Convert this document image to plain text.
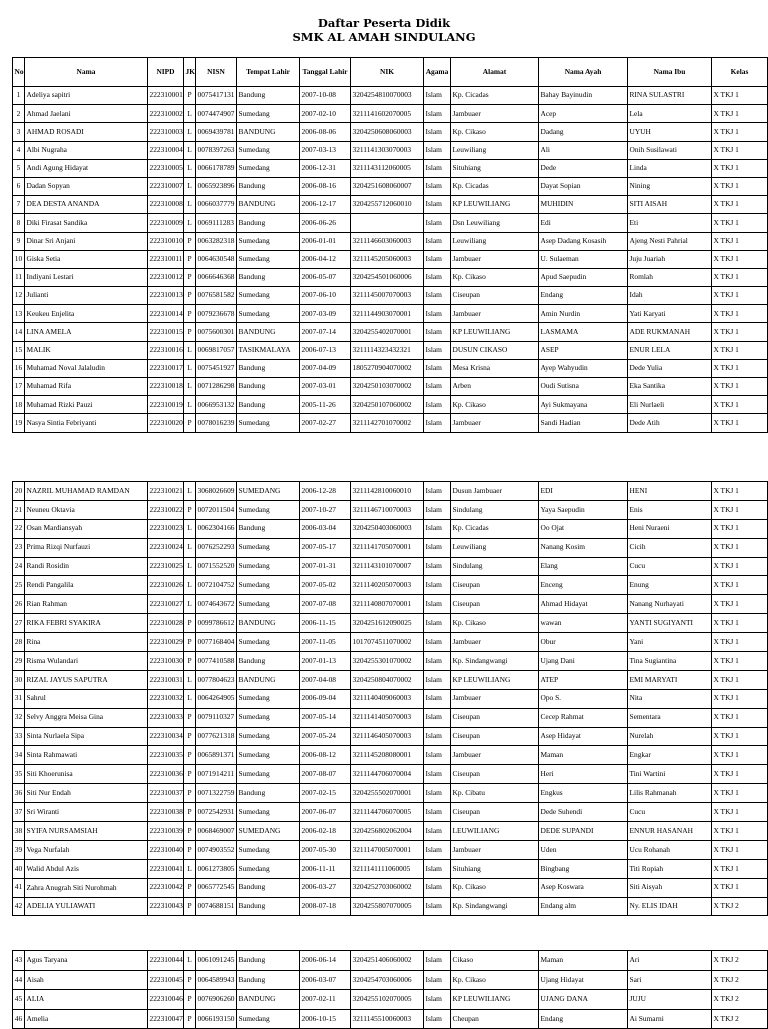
Daftar Peserta Didik
SMK AL AMAH SINDULANG
No	Nama	NIPD	JK	NISN	Tempat Lahir	Tanggal Lahir	NIK	Agama	Alamat	Nama Ayah	Nama Ibu	Kelas
1	Adeliya sapitri	222310001	P	0075417131	Bandung	2007-10-08	3204254810070003	Islam	Kp. Cicadas	Bahay Bayinudin	RINA SULASTRI	X TKJ 1
2	Ahmad Jaelani	222310002	L	0074474907	Sumedang	2007-02-10	3211141602070005	Islam	Jambuaer	Acep	Lela	X TKJ 1
3	AHMAD ROSADI	222310003	L	0069439781	BANDUNG	2006-08-06	3204250608060003	Islam	Kp. Cikaso	Dadang	UYUH	X TKJ 1
4	Albi Nugraha	222310004	L	0078397263	Sumedang	2007-03-13	3211141303070003	Islam	Leuwiliang	Ali	Onih Susilawati	X TKJ 1
5	Andi Agung Hidayat	222310005	L	0066178789	Sumedang	2006-12-31	3211143112060005	Islam	Situhiang	Dede	Linda	X TKJ 1
6	Dadan Sopyan	222310007	L	0065923896	Bandung	2006-08-16	3204251608060007	Islam	Kp. Cicadas	Dayat Sopian	Nining	X TKJ 1
7	DEA DESTA ANANDA	222310008	L	0066037779	BANDUNG	2006-12-17	3204255712060010	Islam	KP LEUWILIANG	MUHIDIN	SITI AISAH	X TKJ 1
8	Diki Firasat Sandika	222310009	L	0069111283	Bandung	2006-06-26		Islam	Dsn Leuwiliang	Edi	Eti	X TKJ 1
9	Dinar Sri Anjani	222310010	P	0063282318	Sumedang	2006-01-01	3211146603060003	Islam	Leuwiliang	Asep Dadang Kosasih	Ajeng Nesti Pahrial	X TKJ 1
10	Giska Setia	222310011	P	0064630548	Sumedang	2006-04-12	3211145205060003	Islam	Jambuaer	U. Sulaeman	Juju Juariah	X TKJ 1
11	Indiyani Lestari	222310012	P	0066646368	Bandung	2006-05-07	3204254501060006	Islam	Kp. Cikaso	Apud Saepudin	Romlah	X TKJ 1
12	Julianti	222310013	P	0076581582	Sumedang	2007-06-10	3211145007070003	Islam	Ciseupan	Endang	Idah	X TKJ 1
13	Keukeu Enjelita	222310014	P	0079236678	Sumedang	2007-03-09	3211144903070001	Islam	Jambuaer	Amin Nurdin	Yati Karyati	X TKJ 1
14	LINA AMELA	222310015	P	0075600301	BANDUNG	2007-07-14	3204255402070001	Islam	KP LEUWILIANG	LASMAMA	ADE RUKMANAH	X TKJ 1
15	MALIK	222310016	L	0069817057	TASIKMALAYA	2006-07-13	3211114323432321	Islam	DUSUN CIKASO	ASEP	ENUR LELA	X TKJ 1
16	Muhamad Noval Jalaludin	222310017	L	0075451927	Bandung	2007-04-09	1805270904070002	Islam	Mesa Krisna	Ayep Wahyudin	Dede Yulia	X TKJ 1
17	Muhamad Rifa	222310018	L	0071286298	Bandung	2007-03-01	3204250103070002	Islam	Arben	Oudi Sutisna	Eka Santika	X TKJ 1
18	Muhamad Rizki Pauzi	222310019	L	0066953132	Bandung	2005-11-26	3204250107060002	Islam	Kp. Cikaso	Ayi Sukmayana	Eli Nurlaeli	X TKJ 1
19	Nasya Sintia Febriyanti	222310020	P	0078016239	Sumedang	2007-02-27	3211142701070002	Islam	Jambuaer	Sandi Hadian	Dede Atih	X TKJ 1
20	NAZRIL MUHAMAD RAMDAN	222310021	L	3068026609	SUMEDANG	2006-12-28	3211142810060010	Islam	Dusun Jambuaer	EDI	HENI	X TKJ 1
21	Neuneu Oktavia	222310022	P	0072011504	Sumedang	2007-10-27	3211146710070003	Islam	Sindulang	Yaya Saepudin	Enis	X TKJ 1
22	Osan Mardiansyah	222310023	L	0062304166	Bandung	2006-03-04	3204250403060003	Islam	Kp. Cicadas	Oo Ojat	Heni Nuraeni	X TKJ 1
23	Prima Rizqi Nurfauzi	222310024	L	0076252293	Sumedang	2007-05-17	3211141705070001	Islam	Leuwiliang	Nanang Kosim	Cicih	X TKJ 1
24	Randi Rosidin	222310025	L	0071552520	Sumedang	2007-01-31	3211143101070007	Islam	Sindulang	Elang	Cucu	X TKJ 1
25	Rendi Pangalila	222310026	L	0072104752	Sumedang	2007-05-02	3211140205070003	Islam	Ciseupan	Enceng	Enung	X TKJ 1
26	Rian Rahman	222310027	L	0074643672	Sumedang	2007-07-08	3211140807070001	Islam	Ciseupan	Ahmad Hidayat	Nanang Nurhayati	X TKJ 1
27	RIKA FEBRI SYAKIRA	222310028	P	0099786612	BANDUNG	2006-11-15	3204251612090025	Islam	Kp. Cikaso	wawan	YANTI SUGIYANTI	X TKJ 1
28	Rina	222310029	P	0077168404	Sumedang	2007-11-05	1017074511070002	Islam	Jambuaer	Obur	Yani	X TKJ 1
29	Risma Wulandari	222310030	P	0077410588	Bandung	2007-01-13	3204255301070002	Islam	Kp. Sindangwangi	Ujang Dani	Tina Sugiantina	X TKJ 1
30	RIZAL JAYUS SAPUTRA	222310031	L	0077804623	BANDUNG	2007-04-08	3204250804070002	Islam	KP LEUWILIANG	ATEP	EMI MARYATI	X TKJ 1
31	Sahrul	222310032	L	0064264905	Sumedang	2006-09-04	3211140409060003	Islam	Jambuaer	Opo S.	Nita	X TKJ 1
32	Selvy Anggra Meisa Gina	222310033	P	0079110327	Sumedang	2007-05-14	3211141405070003	Islam	Ciseupan	Cecep Rahmat	Sementara	X TKJ 1
33	Sinta Nurlaela Sipa	222310034	P	0077621318	Sumedang	2007-05-24	3211146405070003	Islam	Ciseupan	Asep Hidayat	Nurelah	X TKJ 1
34	Sinta Rahmawati	222310035	P	0065891371	Sumedang	2006-08-12	3211145208080001	Islam	Jambuaer	Maman	Engkar	X TKJ 1
35	Siti Khoerunisa	222310036	P	0071914211	Sumedang	2007-08-07	3211144706070004	Islam	Ciseupan	Heri	Tini Wartini	X TKJ 1
36	Siti Nur Endah	222310037	P	0071322759	Bandung	2007-02-15	3204255502070001	Islam	Kp. Cibatu	Engkus	Lilis Rahmanah	X TKJ 1
37	Sri Wiranti	222310038	P	0072542931	Sumedang	2007-06-07	3211144706070005	Islam	Ciseupan	Dede Suhendi	Cucu	X TKJ 1
38	SYIFA NURSAMSIAH	222310039	P	0068469007	SUMEDANG	2006-02-18	3204256802062004	Islam	LEUWILIANG	DEDE SUPANDI	ENNUR HASANAH	X TKJ 1
39	Vega Nurfalah	222310040	P	0074903552	Sumedang	2007-05-30	3211147005070001	Islam	Jambuaer	Uden	Ucu Rohanah	X TKJ 1
40	Walid Abdul Azis	222310041	L	0061273805	Sumedang	2006-11-11	3211141111060005	Islam	Situhiang	Bingbang	Titi Ropiah	X TKJ 1
41	Zahra Anugrah Siti Nurohmah	222310042	P	0065772545	Bandung	2006-03-27	3204252703060002	Islam	Kp. Cikaso	Asep Koswara	Siti Aisyah	X TKJ 1
42	ADELIA YULIAWATI	222310043	P	0074688151	Bandung	2008-07-18	3204255807070005	Islam	Kp. Sindangwangi	Endang alm	Ny. ELIS IDAH	X TKJ 2
43	Agus Taryana	222310044	L	0061091245	Bandung	2006-06-14	3204251406060002	Islam	Cikaso	Maman	Ari	X TKJ 2
44	Aisah	222310045	P	0064589943	Bandung	2006-03-07	3204254703060006	Islam	Kp. Cikaso	Ujang Hidayat	Sari	X TKJ 2
45	ALIA	222310046	P	0076906260	BANDUNG	2007-02-11	3204255102070005	Islam	KP LEUWILIANG	UJANG DANA	JUJU	X TKJ 2
46	Amelia	222310047	P	0066193150	Sumedang	2006-10-15	3211145510060003	Islam	Cheupan	Endang	Ai Sumarni	X TKJ 2
